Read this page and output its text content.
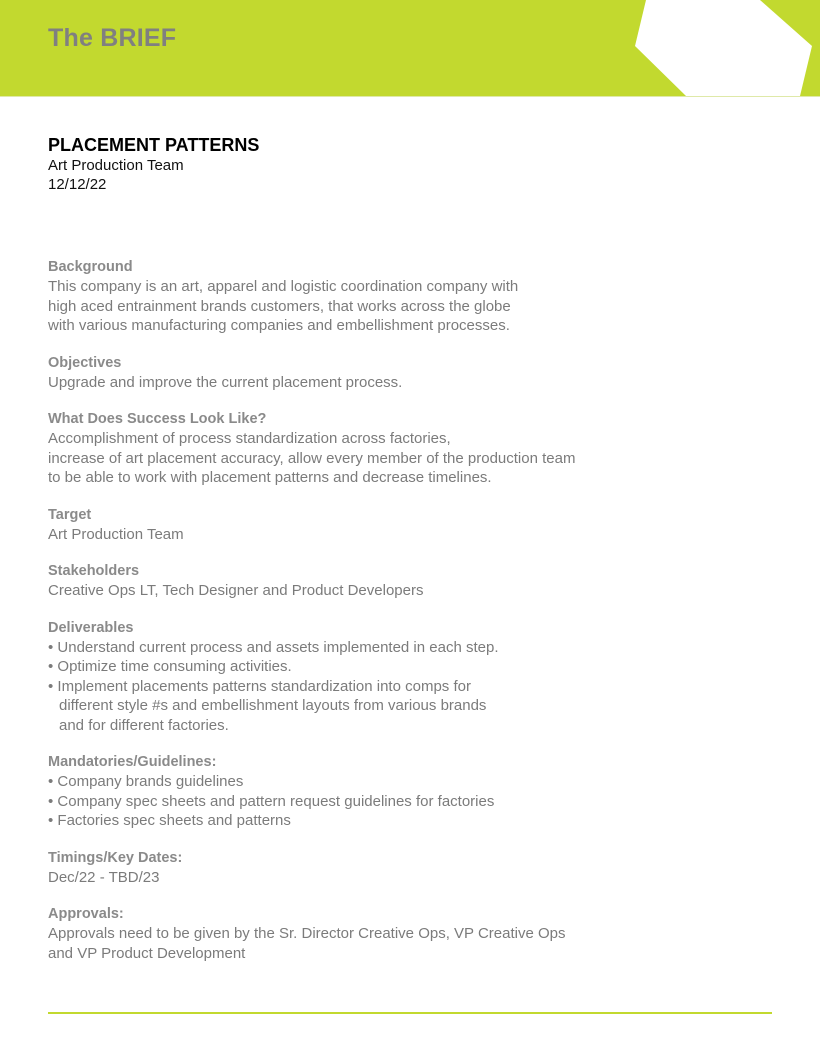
The BRIEF

PLACEMENT PATTERNS

Art Production Team

12/12/22

Background

This company is an art, apparel and logistic coordination company with
high aced entrainment brands customers, that works across the globe
with various manufacturing companies and embellishment processes.

Objectives

Upgrade and improve the current placement process.

What Does Success Look Like?

Accomplishment of process standardization across factories,
increase of art placement accuracy, allow every member of the production team
to be able to work with placement patterns and decrease timelines.

Target

Art Production Team

Stakeholders

Creative Ops LT, Tech Designer and Product Developers

Deliverables

• Understand current process and assets implemented in each step.
• Optimize time consuming activities.
• Implement placements patterns standardization into comps for
different style #s and embellishment layouts from various brands
and for different factories.

Mandatories/Guidelines:

• Company brands guidelines
• Company spec sheets and pattern request guidelines for factories
• Factories spec sheets and patterns

Timings/Key Dates:

Dec/22 - TBD/23

Approvals:

Approvals need to be given by the Sr. Director Creative Ops, VP Creative Ops
and VP Product Development
